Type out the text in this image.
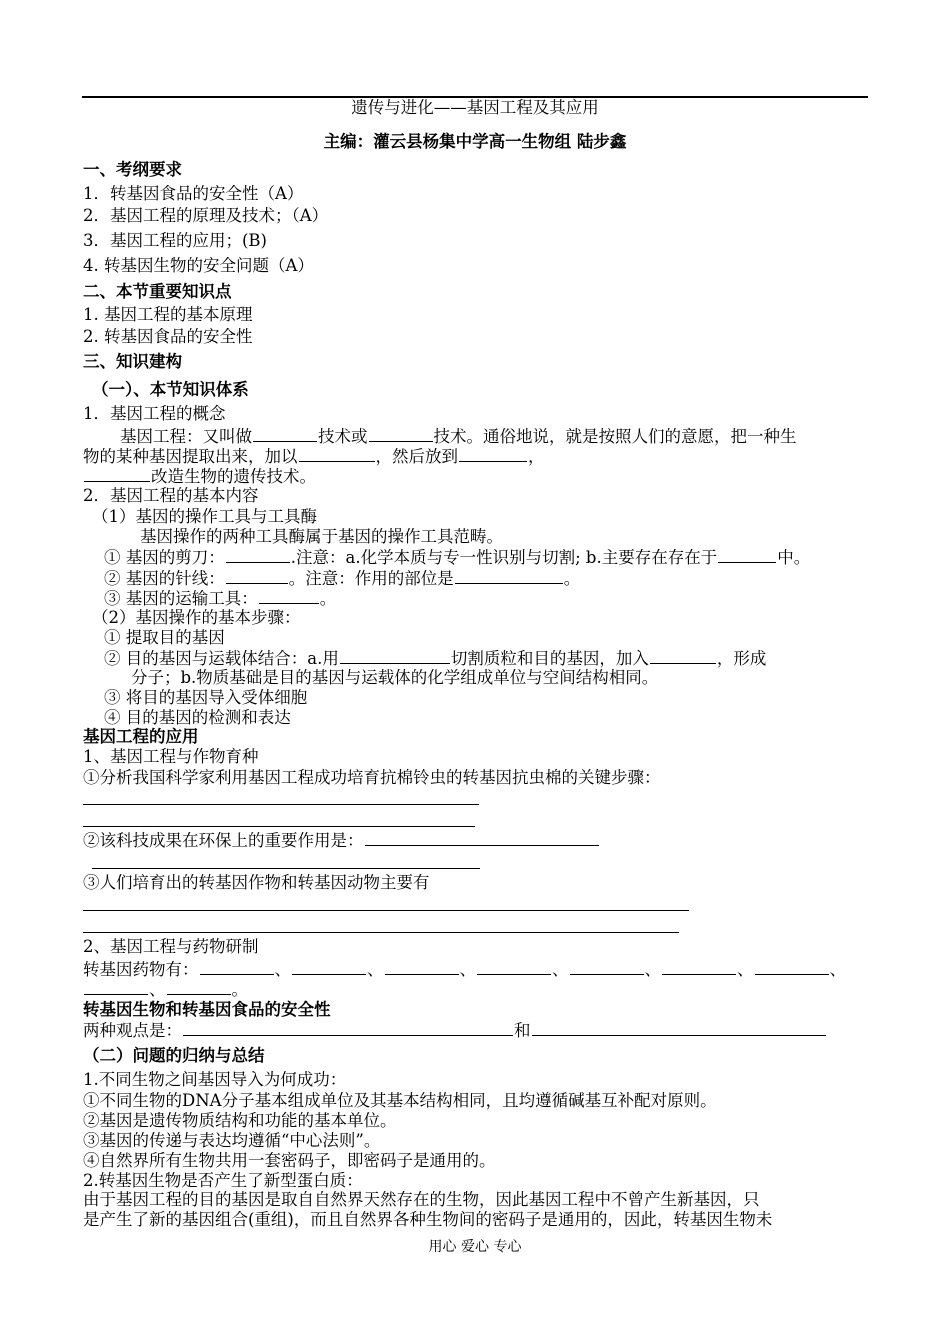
遗传与进化——基因工程及其应用
主编：灌云县杨集中学高一生物组 陆步鑫
一、考纲要求
1．转基因食品的安全性（A）
2．基因工程的原理及技术；（A）
3．基因工程的应用；(B)
4. 转基因生物的安全问题（A）
二、本节重要知识点
1. 基因工程的基本原理
2. 转基因食品的安全性
三、知识建构
（一）、本节知识体系
1．基因工程的概念
基因工程：又叫做	技术或	技术。通俗地说，就是按照人们的意愿，把一种生
物的某种基因提取出来，加以	，然后放到	，
改造生物的遗传技术。
2．基因工程的基本内容
（1）基因的操作工具与工具酶
基因操作的两种工具酶属于基因的操作工具范畴。
① 基因的剪刀：	.注意：a.化学本质与专一性识别与切割; b.主要存在存在于	中。
② 基因的针线：	。注意：作用的部位是	。
③ 基因的运输工具：	。
（2）基因操作的基本步骤：
① 提取目的基因
② 目的基因与运载体结合：a.用	切割质粒和目的基因，加入	，形成
分子；b.物质基础是目的基因与运载体的化学组成单位与空间结构相同。
③ 将目的基因导入受体细胞
④ 目的基因的检测和表达
基因工程的应用
1、基因工程与作物育种
①分析我国科学家利用基因工程成功培育抗棉铃虫的转基因抗虫棉的关键步骤：
②该科技成果在环保上的重要作用是：
③人们培育出的转基因作物和转基因动物主要有
2、基因工程与药物研制
转基因药物有：	、	、	、	、	、	、	、
、	。
转基因生物和转基因食品的安全性
两种观点是：	和
（二）问题的归纳与总结
1.不同生物之间基因导入为何成功：
①不同生物的DNA分子基本组成单位及其基本结构相同，且均遵循碱基互补配对原则。
②基因是遗传物质结构和功能的基本单位。
③基因的传递与表达均遵循“中心法则”。
④自然界所有生物共用一套密码子，即密码子是通用的。
2.转基因生物是否产生了新型蛋白质：
由于基因工程的目的基因是取自自然界天然存在的生物，因此基因工程中不曾产生新基因，只
是产生了新的基因组合(重组)，而且自然界各种生物间的密码子是通用的，因此，转基因生物未
用心 爱心 专心
